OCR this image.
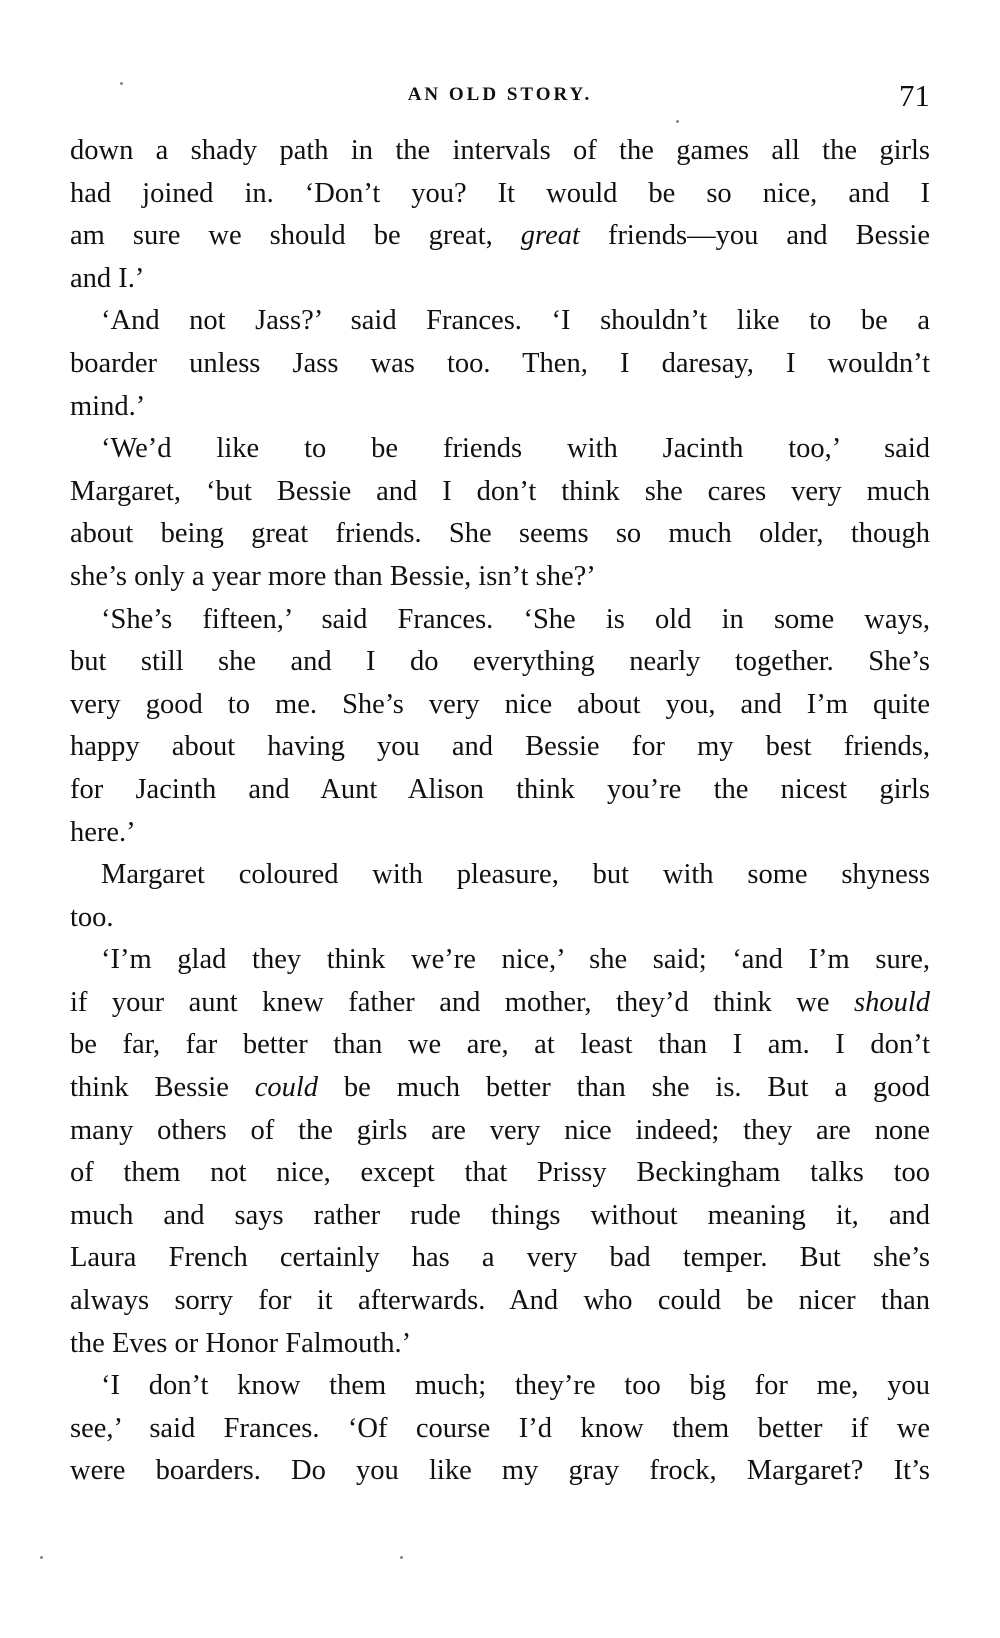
AN OLD STORY.	71
down a shady path in the intervals of the games all the girls
had joined in. ‘Don’t you? It would be so nice, and I
am sure we should be great, great friends—you and Bessie
and I.’
‘And not Jass?’ said Frances. ‘I shouldn’t like to be a
boarder unless Jass was too. Then, I daresay, I wouldn’t
mind.’
‘We’d like to be friends with Jacinth too,’ said
Margaret, ‘but Bessie and I don’t think she cares very much
about being great friends. She seems so much older, though
she’s only a year more than Bessie, isn’t she?’
‘She’s fifteen,’ said Frances. ‘She is old in some ways,
but still she and I do everything nearly together. She’s
very good to me. She’s very nice about you, and I’m quite
happy about having you and Bessie for my best friends,
for Jacinth and Aunt Alison think you’re the nicest girls
here.’
Margaret coloured with pleasure, but with some shyness
too.
‘I’m glad they think we’re nice,’ she said; ‘and I’m sure,
if your aunt knew father and mother, they’d think we should
be far, far better than we are, at least than I am. I don’t
think Bessie could be much better than she is. But a good
many others of the girls are very nice indeed; they are none
of them not nice, except that Prissy Beckingham talks too
much and says rather rude things without meaning it, and
Laura French certainly has a very bad temper. But she’s
always sorry for it afterwards. And who could be nicer than
the Eves or Honor Falmouth.’
‘I don’t know them much; they’re too big for me, you
see,’ said Frances. ‘Of course I’d know them better if we
were boarders. Do you like my gray frock, Margaret? It’s
